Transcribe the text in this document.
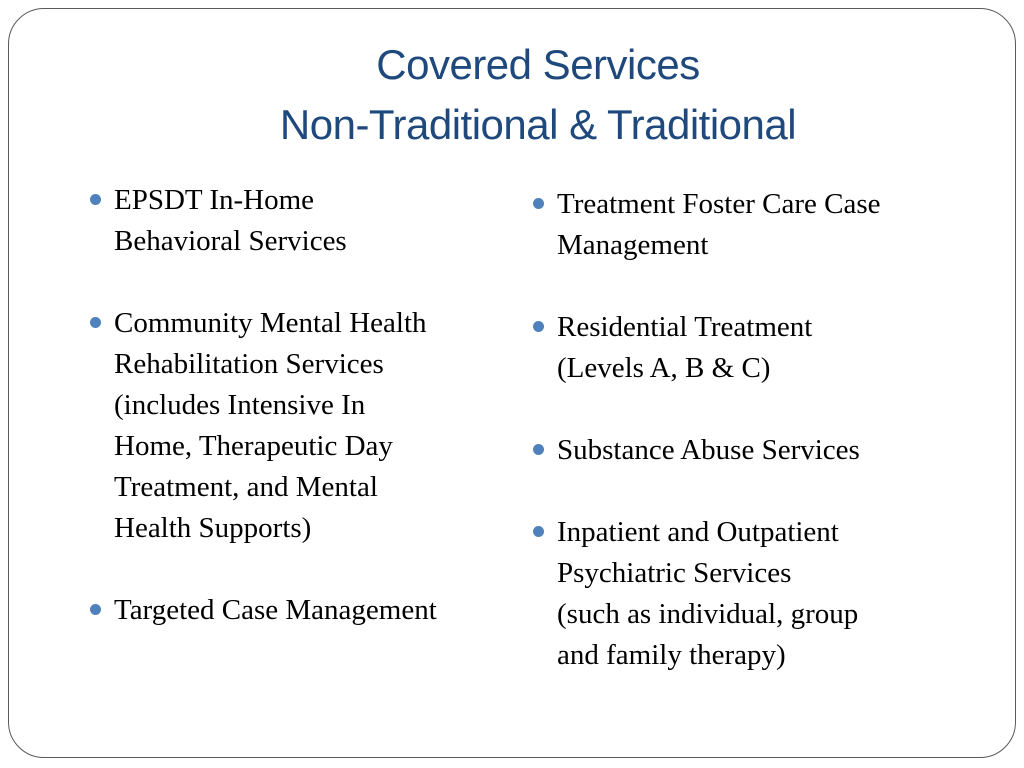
Covered Services
Non-Traditional & Traditional
EPSDT In-Home
Behavioral Services
Community Mental Health
Rehabilitation Services
(includes Intensive In
Home, Therapeutic Day
Treatment, and Mental
Health Supports)
Targeted Case Management
Treatment Foster Care Case
Management
Residential Treatment
(Levels A, B & C)
Substance Abuse Services
Inpatient and Outpatient
Psychiatric Services
(such as individual, group
and family therapy)
